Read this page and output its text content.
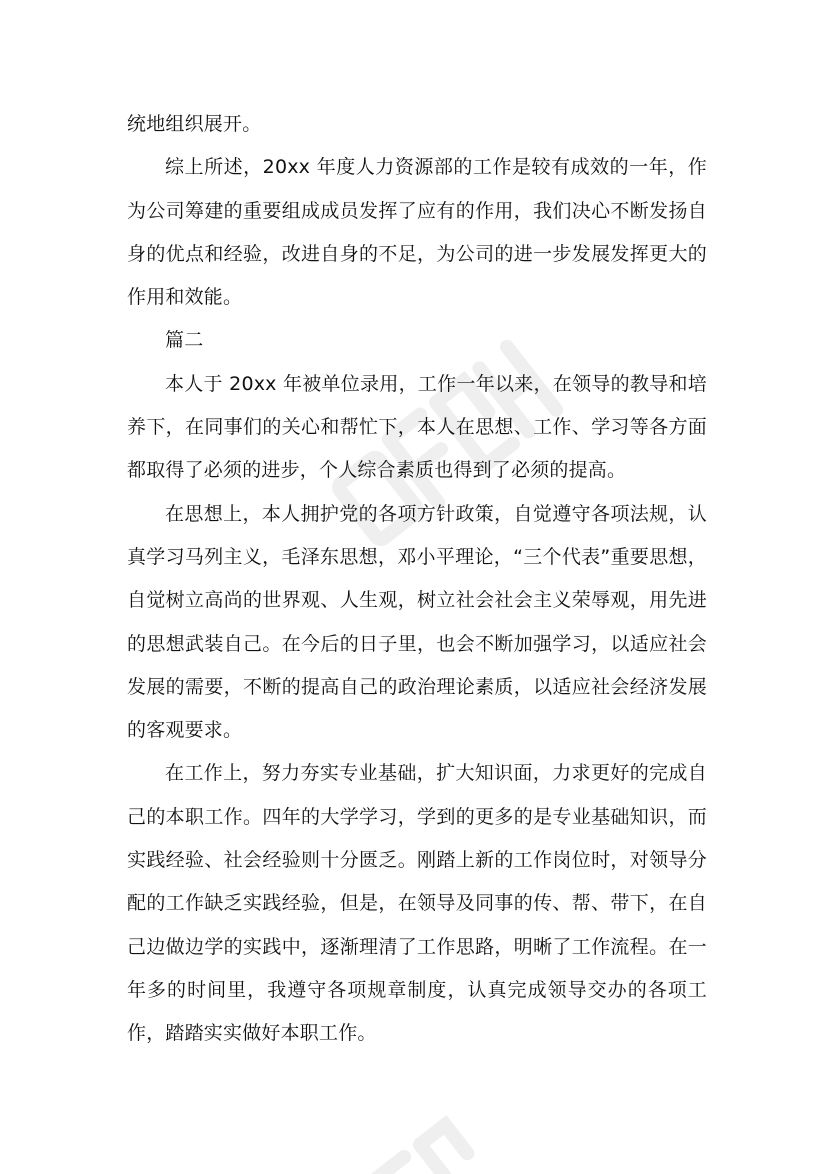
统地组织展开。

综上所述，20xx 年度人力资源部的工作是较有成效的一年，作为公司筹建的重要组成成员发挥了应有的作用，我们决心不断发扬自身的优点和经验，改进自身的不足，为公司的进一步发展发挥更大的作用和效能。

篇二

本人于 20xx 年被单位录用，工作一年以来，在领导的教导和培养下，在同事们的关心和帮忙下，本人在思想、工作、学习等各方面都取得了必须的进步，个人综合素质也得到了必须的提高。

在思想上，本人拥护党的各项方针政策，自觉遵守各项法规，认真学习马列主义，毛泽东思想，邓小平理论，“三个代表”重要思想，自觉树立高尚的世界观、人生观，树立社会社会主义荣辱观，用先进的思想武装自己。在今后的日子里，也会不断加强学习，以适应社会发展的需要，不断的提高自己的政治理论素质，以适应社会经济发展的客观要求。

在工作上，努力夯实专业基础，扩大知识面，力求更好的完成自己的本职工作。四年的大学学习，学到的更多的是专业基础知识，而实践经验、社会经验则十分匮乏。刚踏上新的工作岗位时，对领导分配的工作缺乏实践经验，但是，在领导及同事的传、帮、带下，在自己边做边学的实践中，逐渐理清了工作思路，明晰了工作流程。在一年多的时间里，我遵守各项规章制度，认真完成领导交办的各项工作，踏踏实实做好本职工作。
